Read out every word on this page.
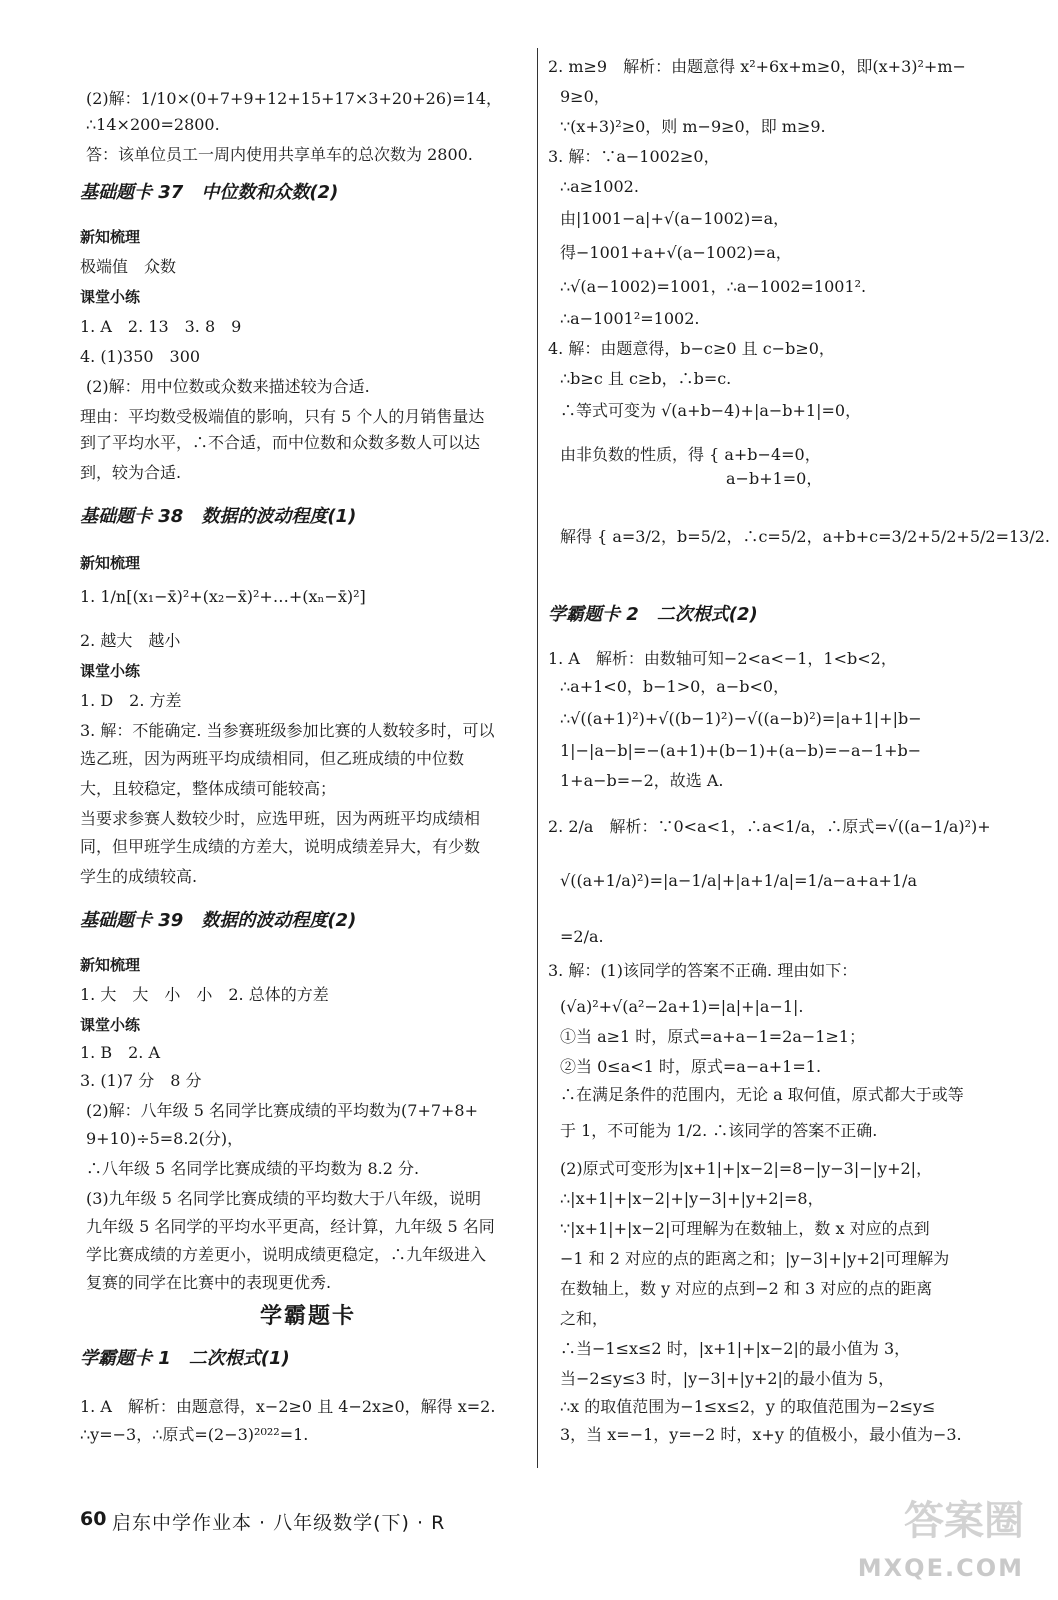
(2)解：1/10×(0+7+9+12+15+17×3+20+26)=14，
∴14×200=2800.
答：该单位员工一周内使用共享单车的总次数为 2800.
基础题卡 37　中位数和众数(2)
新知梳理
极端值　众数
课堂小练
1. A　2. 13　3. 8　9
4. (1)350　300
(2)解：用中位数或众数来描述较为合适.
理由：平均数受极端值的影响，只有 5 个人的月销售量达
到了平均水平，∴不合适，而中位数和众数多数人可以达
到，较为合适.
基础题卡 38　数据的波动程度(1)
新知梳理
1. 1/n[(x₁−x̄)²+(x₂−x̄)²+…+(xₙ−x̄)²]
2. 越大　越小
课堂小练
1. D　2. 方差
3. 解：不能确定. 当参赛班级参加比赛的人数较多时，可以
选乙班，因为两班平均成绩相同，但乙班成绩的中位数
大，且较稳定，整体成绩可能较高；
当要求参赛人数较少时，应选甲班，因为两班平均成绩相
同，但甲班学生成绩的方差大，说明成绩差异大，有少数
学生的成绩较高.
基础题卡 39　数据的波动程度(2)
新知梳理
1. 大　大　小　小　2. 总体的方差
课堂小练
1. B　2. A
3. (1)7 分　8 分
(2)解：八年级 5 名同学比赛成绩的平均数为(7+7+8+
9+10)÷5=8.2(分)，
∴八年级 5 名同学比赛成绩的平均数为 8.2 分.
(3)九年级 5 名同学比赛成绩的平均数大于八年级，说明
九年级 5 名同学的平均水平更高，经计算，九年级 5 名同
学比赛成绩的方差更小，说明成绩更稳定，∴九年级进入
复赛的同学在比赛中的表现更优秀.
学霸题卡
学霸题卡 1　二次根式(1)
1. A　解析：由题意得，x−2≥0 且 4−2x≥0，解得 x=2.
∴y=−3，∴原式=(2−3)²⁰²²=1.
2. m≥9　解析：由题意得 x²+6x+m≥0，即(x+3)²+m−
9≥0，
∵(x+3)²≥0，则 m−9≥0，即 m≥9.
3. 解：∵a−1002≥0，
∴a≥1002.
由|1001−a|+√(a−1002)=a，
得−1001+a+√(a−1002)=a，
∴√(a−1002)=1001，∴a−1002=1001².
∴a−1001²=1002.
4. 解：由题意得，b−c≥0 且 c−b≥0，
∴b≥c 且 c≥b，∴b=c.
∴等式可变为 √(a+b−4)+|a−b+1|=0，
由非负数的性质，得 { a+b−4=0，
a−b+1=0，
解得 { a=3/2，b=5/2，∴c=5/2，a+b+c=3/2+5/2+5/2=13/2.
学霸题卡 2　二次根式(2)
1. A　解析：由数轴可知−2<a<−1，1<b<2，
∴a+1<0，b−1>0，a−b<0，
∴√((a+1)²)+√((b−1)²)−√((a−b)²)=|a+1|+|b−
1|−|a−b|=−(a+1)+(b−1)+(a−b)=−a−1+b−
1+a−b=−2，故选 A.
2. 2/a　解析：∵0<a<1，∴a<1/a，∴原式=√((a−1/a)²)+
√((a+1/a)²)=|a−1/a|+|a+1/a|=1/a−a+a+1/a
=2/a.
3. 解：(1)该同学的答案不正确. 理由如下：
(√a)²+√(a²−2a+1)=|a|+|a−1|.
①当 a≥1 时，原式=a+a−1=2a−1≥1；
②当 0≤a<1 时，原式=a−a+1=1.
∴在满足条件的范围内，无论 a 取何值，原式都大于或等
于 1，不可能为 1/2. ∴该同学的答案不正确.
(2)原式可变形为|x+1|+|x−2|=8−|y−3|−|y+2|，
∴|x+1|+|x−2|+|y−3|+|y+2|=8，
∵|x+1|+|x−2|可理解为在数轴上，数 x 对应的点到
−1 和 2 对应的点的距离之和；|y−3|+|y+2|可理解为
在数轴上，数 y 对应的点到−2 和 3 对应的点的距离
之和，
∴当−1≤x≤2 时，|x+1|+|x−2|的最小值为 3，
当−2≤y≤3 时，|y−3|+|y+2|的最小值为 5，
∴x 的取值范围为−1≤x≤2，y 的取值范围为−2≤y≤
3，当 x=−1，y=−2 时，x+y 的值极小，最小值为−3.
60 启东中学作业本 · 八年级数学(下) · R	答案圈
MXQE.COM
